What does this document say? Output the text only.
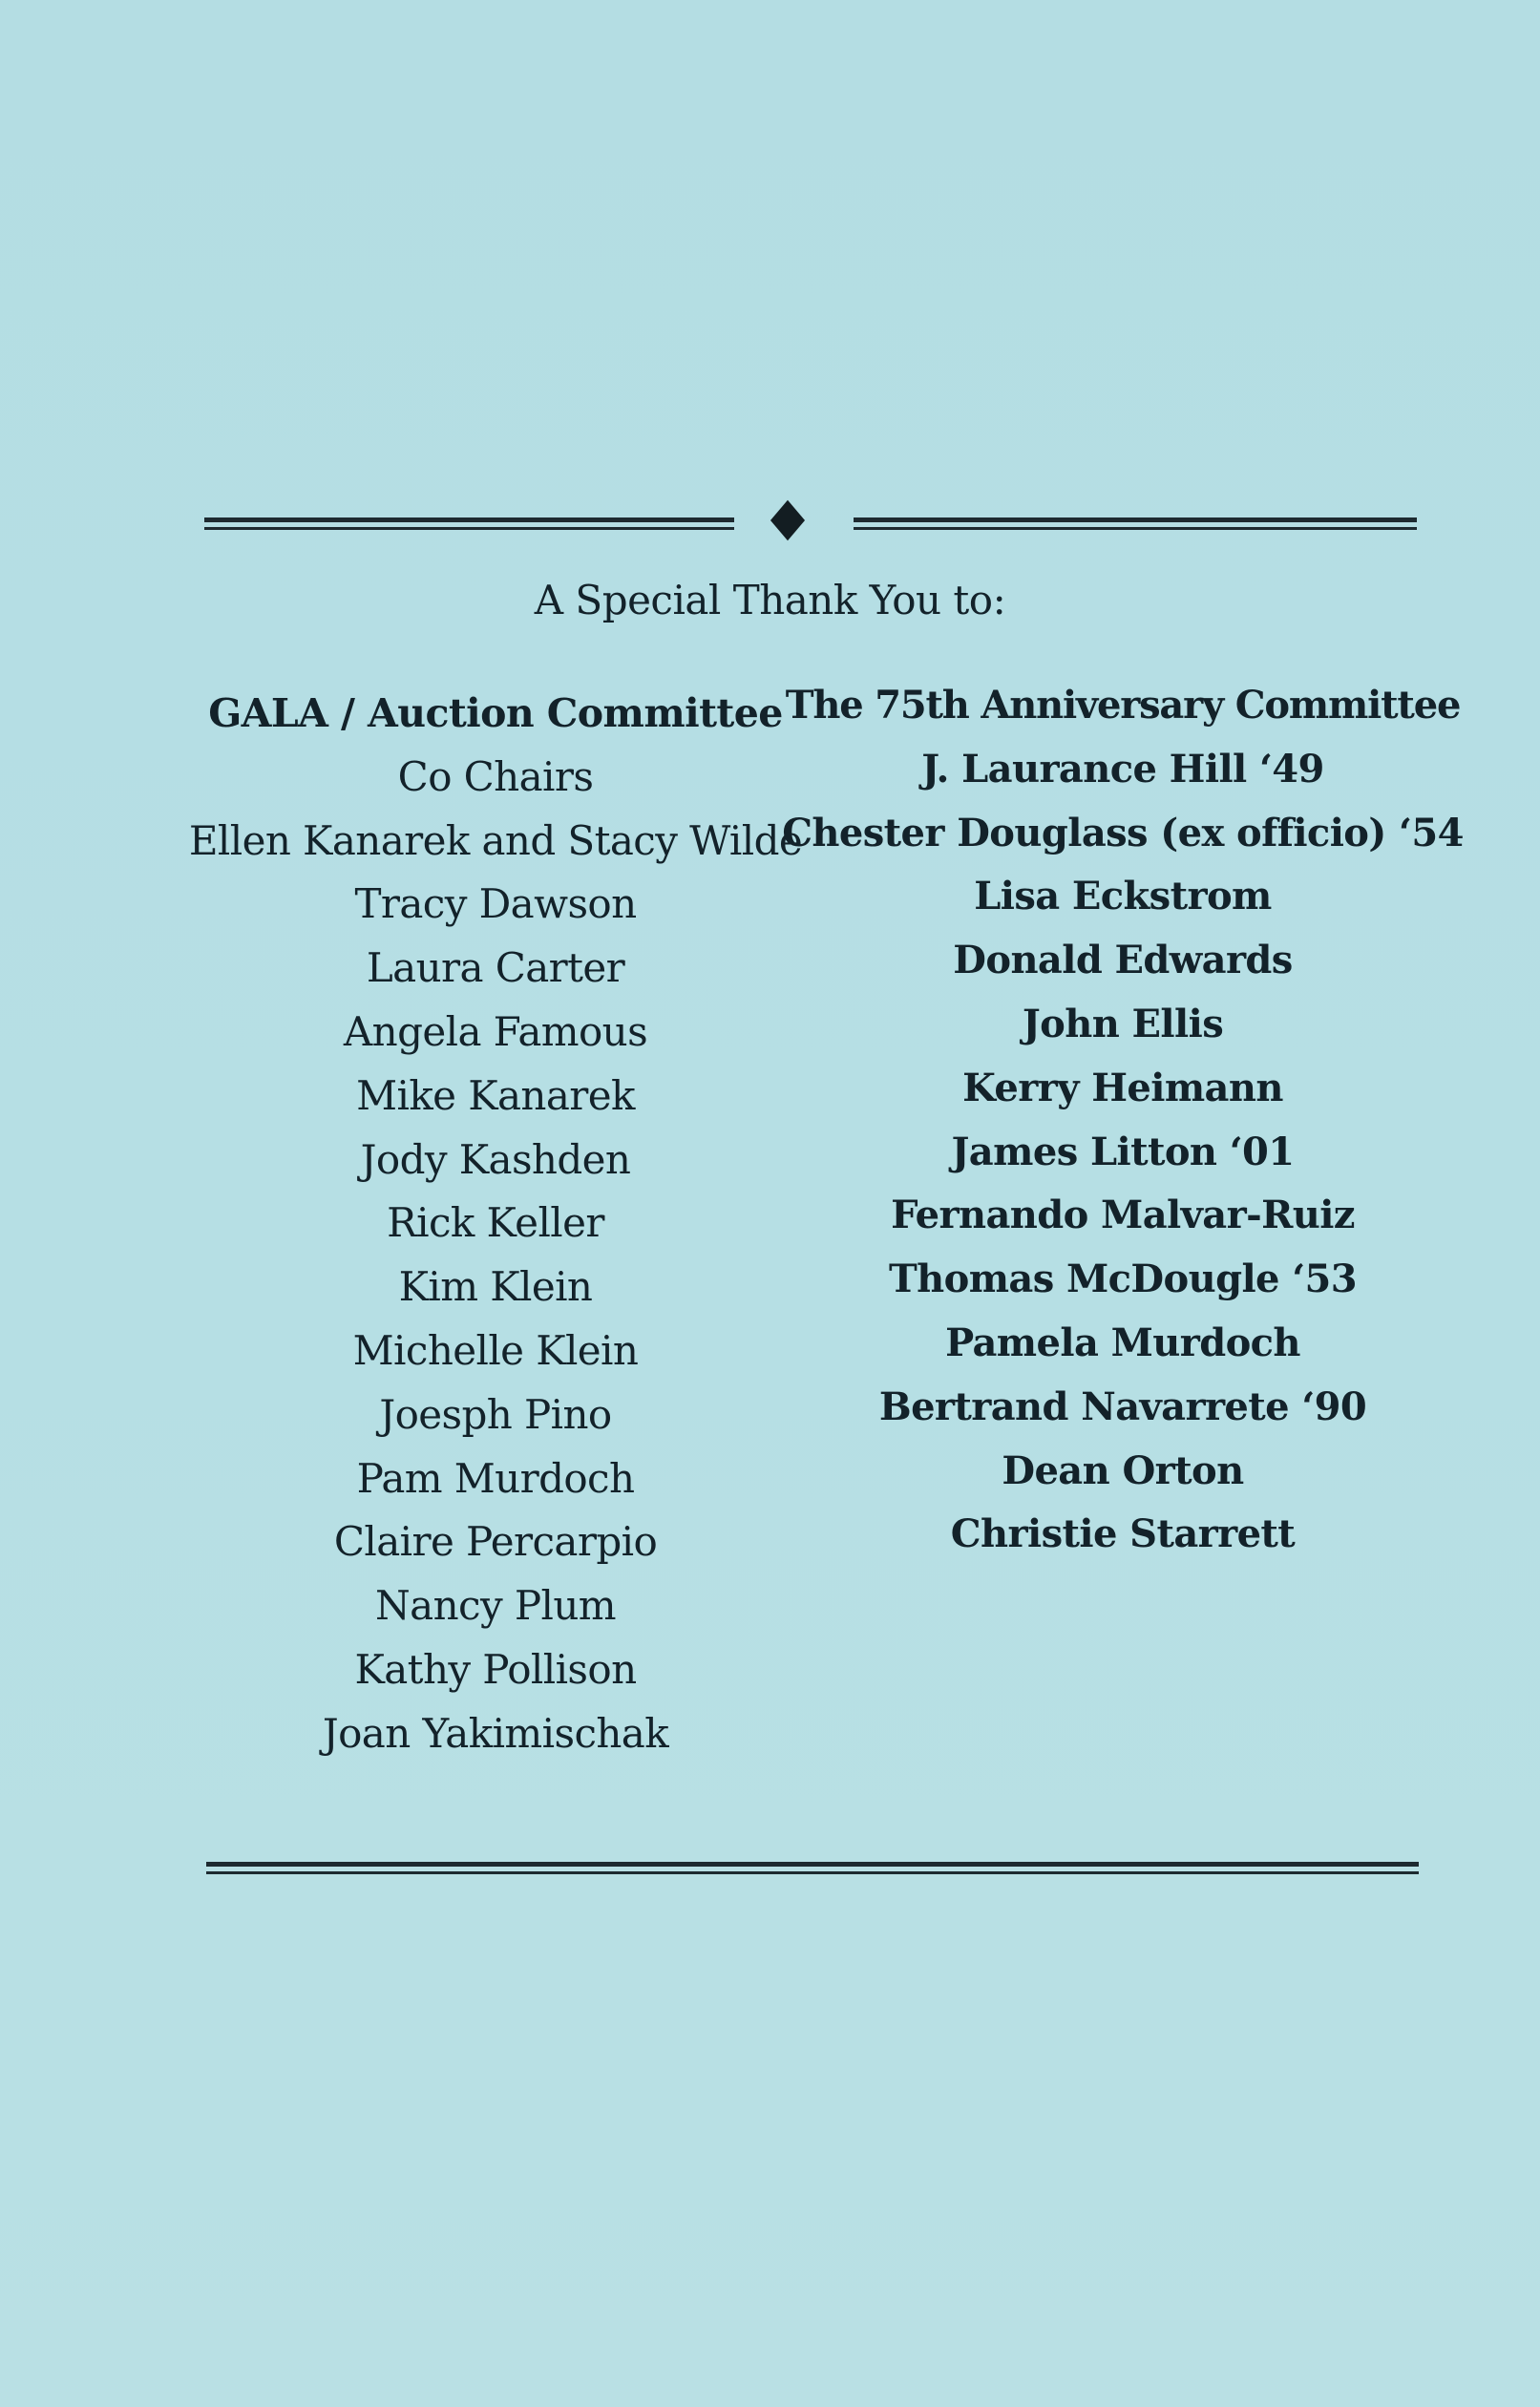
A Special Thank You to:
GALA / Auction Committee
Co Chairs
Ellen Kanarek and Stacy Wilde
Tracy Dawson
Laura Carter
Angela Famous
Mike Kanarek
Jody Kashden
Rick Keller
Kim Klein
Michelle Klein
Joesph Pino
Pam Murdoch
Claire Percarpio
Nancy Plum
Kathy Pollison
Joan Yakimischak
The 75th Anniversary Committee
J. Laurance Hill ‘49
Chester Douglass (ex officio) ‘54
Lisa Eckstrom
Donald Edwards
John Ellis
Kerry Heimann
James Litton ‘01
Fernando Malvar-Ruiz
Thomas McDougle ‘53
Pamela Murdoch
Bertrand Navarrete ‘90
Dean Orton
Christie Starrett
